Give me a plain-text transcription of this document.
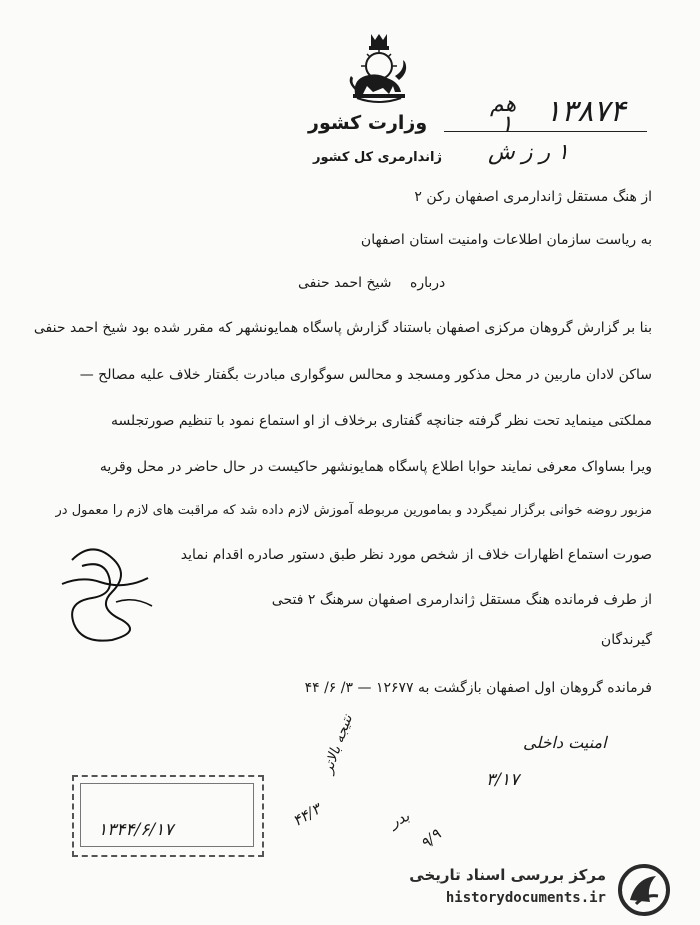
وزارت کشور
ژاندارمری کل کشور
هم ۱۳۸۷۴
۱
۱ ر ز ش
از هنگ مستقل ژاندارمری اصفهان رکن ۲
به ریاست سازمان اطلاعات وامنیت استان اصفهان
درباره
شیخ احمد حنفی
بنا بر گزارش گروهان مرکزی اصفهان باستناد گزارش پاسگاه همایونشهر که مقرر شده بود شیخ احمد حنفی
ساکن لادان ماربین در محل مذکور ومسجد و محالس سوگواری مبادرت بگفتار خلاف علیه مصالح —
مملکتی مینماید تحت نظر گرفته جنانچه گفتاری برخلاف از او استماع نمود با تنظیم صورتجلسه
ویرا بساواک معرفی نمایند حوابا اطلاع پاسگاه همایونشهر حاکیست در حال حاضر در محل وقریه
مزبور روضه خوانی برگزار نمیگردد و بمامورین مربوطه آموزش لازم داده شد که مراقبت های لازم را معمول در
صورت استماع اظهارات خلاف از شخص مورد نظر طبق دستور صادره اقدام نماید
از طرف فرمانده هنگ مستقل ژاندارمری اصفهان سرهنگ ۲ فتحی
گیرندگان
فرمانده گروهان اول اصفهان بازگشت به ۱۲۶۷۷ — ۳/ ۶/ ۴۴
امنیت داخلی
۳/۱۷
نتیجه بالاتر
۴۴/۳	بدر
۹/۹
۱۳۴۴/۶/۱۷
مرکز بررسی اسناد تاریخی
historydocuments.ir
